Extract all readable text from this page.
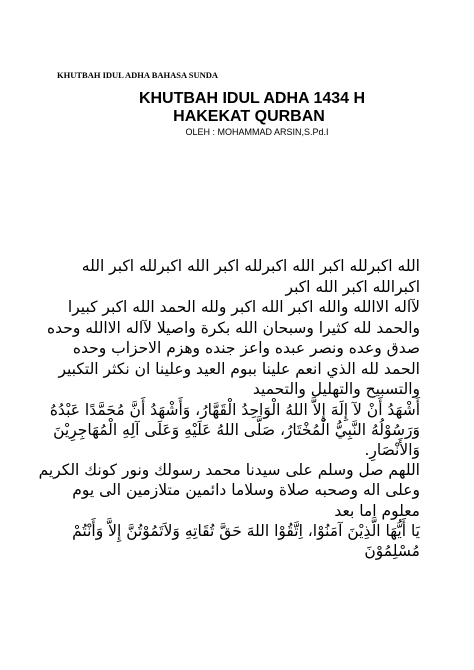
KHUTBAH IDUL ADHA BAHASA SUNDA
KHUTBAH IDUL ADHA 1434 H
HAKEKAT QURBAN
OLEH : MOHAMMAD ARSIN,S.Pd.I

الله اكبرلله اكبر الله اكبرلله اكبر الله اكبرلله اكبر الله اكبرالله اكبر الله اكبر

لآاله الاالله والله اكبر الله اكبر ولله الحمد الله اكبر كبيرا والحمد لله كثيرا وسبحان الله بكرة واصيلا لآاله الاالله وحده صدق وعده ونصر عبده واعز جنده وهزم الاحزاب وحده

الحمد لله الذي انعم علينا ببوم العيد وعلينا ان نكثر التكبير والتسبيح والتهليل والتحميد

أَشْهَدُ أَنْ لآ إِلَهَ إِلاَّ اللهُ الْوَاحِدُ الْقَهَّارُ، وَأَشْهَدُ أَنَّ مُحَمَّدًا عَبْدُهُ وَرَسُوْلُهُ النَّبِيُّ الْمُخْتَارُ، صَلَّى اللهُ عَلَيْهِ وَعَلَى آلِهِ الْمُهَاجِرِيْنَ وَالأَنْصَارِ.

اللهم صل وسلم على سيدنا محمد رسولك ونور كونك الكريم وعلى اله وصحبه صلاة وسلاما دائمين متلازمين الى يوم معلوم اما بعد

يَا أَيُّهَا الَّذِيْنَ آمَنُوْا، اِتَّقُوْا اللهَ حَقَّ تُقَاتِهِ وَلاَتَمُوْتُنَّ إِلاَّ وَأَنْتُمْ مُسْلِمُوْنَ
